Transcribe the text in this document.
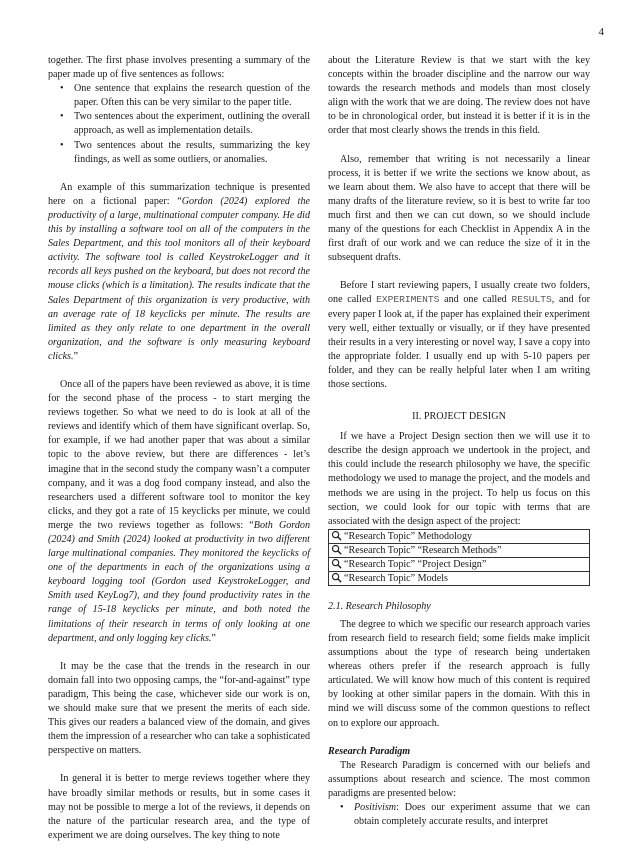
4

together. The first phase involves presenting a summary of the paper made up of five sentences as follows:

• One sentence that explains the research question of the paper. Often this can be very similar to the paper title.
• Two sentences about the experiment, outlining the overall approach, as well as implementation details.
• Two sentences about the results, summarizing the key findings, as well as some outliers, or anomalies.

An example of this summarization technique is presented here on a fictional paper: “Gordon (2024) explored the productivity of a large, multinational computer company. He did this by installing a software tool on all of the computers in the Sales Department, and this tool monitors all of their keyboard activity. The software tool is called KeystrokeLogger and it records all keys pushed on the keyboard, but does not record the mouse clicks (which is a limitation). The results indicate that the Sales Department of this organization is very productive, with an average rate of 18 keyclicks per minute. The results are limited as they only relate to one department in the overall organization, and the software is only measuring keyboard clicks.”

Once all of the papers have been reviewed as above, it is time for the second phase of the process - to start merging the reviews together. So what we need to do is look at all of the reviews and identify which of them have significant overlap. So, for example, if we had another paper that was about a similar topic to the above review, but there are differences - let’s imagine that in the second study the company wasn’t a computer company, and it was a dog food company instead, and also the researchers used a different software tool to monitor the key clicks, and they got a rate of 15 keyclicks per minute, we could merge the two reviews together as follows: “Both Gordon (2024) and Smith (2024) looked at productivity in two different large multinational companies. They monitored the keyclicks of one of the departments in each of the organizations using a keyboard logging tool (Gordon used KeystrokeLogger, and Smith used KeyLog7), and they found productivity rates in the range of 15-18 keyclicks per minute, and both noted the limitations of their research in terms of only looking at one department, and only logging key clicks.”

It may be the case that the trends in the research in our domain fall into two opposing camps, the “for-and-against” type paradigm, This being the case, whichever side our work is on, we should make sure that we present the merits of each side. This gives our readers a balanced view of the domain, and gives them the impression of a researcher who can take a sophisticated perspective on matters.

In general it is better to merge reviews together where they have broadly similar methods or results, but in some cases it may not be possible to merge a lot of the reviews, it depends on the nature of the particular research area, and the type of experiment we are doing ourselves. The key thing to note

about the Literature Review is that we start with the key concepts within the broader discipline and the narrow our way towards the research methods and models than most closely align with the work that we are doing. The review does not have to be in chronological order, but instead it is better if it is in the order that most clearly shows the trends in this field.

Also, remember that writing is not necessarily a linear process, it is better if we write the sections we know about, as we learn about them. We also have to accept that there will be many drafts of the literature review, so it is best to write far too much first and then we can cut down, so we should include many of the questions for each Checklist in Appendix A in the first draft of our work and we can reduce the size of it in the subsequent drafts.

Before I start reviewing papers, I usually create two folders, one called EXPERIMENTS and one called RESULTS, and for every paper I look at, if the paper has explained their experiment very well, either textually or visually, or if they have presented their results in a very interesting or novel way, I save a copy into the appropriate folder. I usually end up with 5-10 papers per folder, and they can be really helpful later when I am writing those sections.

II. PROJECT DESIGN

If we have a Project Design section then we will use it to describe the design approach we undertook in the project, and this could include the research philosophy we have, the specific methodology we used to manage the project, and the models and methods we are using in the project. To help us focus on this section, we could look for our topic with terms that are associated with the design aspect of the project:

“Research Topic” Methodology
“Research Topic” “Research Methods”
“Research Topic” “Project Design”
“Research Topic” Models

2.1. Research Philosophy

The degree to which we specific our research approach varies from research field to research field; some fields make implicit assumptions about the type of research being undertaken whereas others prefer if the research approach is fully articulated. We will know how much of this content is required by looking at other similar papers in the domain. With this in mind we will discuss some of the common questions to reflect on to explore our approach.

Research Paradigm

The Research Paradigm is concerned with our beliefs and assumptions about research and science. The most common paradigms are presented below:

• Positivism: Does our experiment assume that we can obtain completely accurate results, and interpret
